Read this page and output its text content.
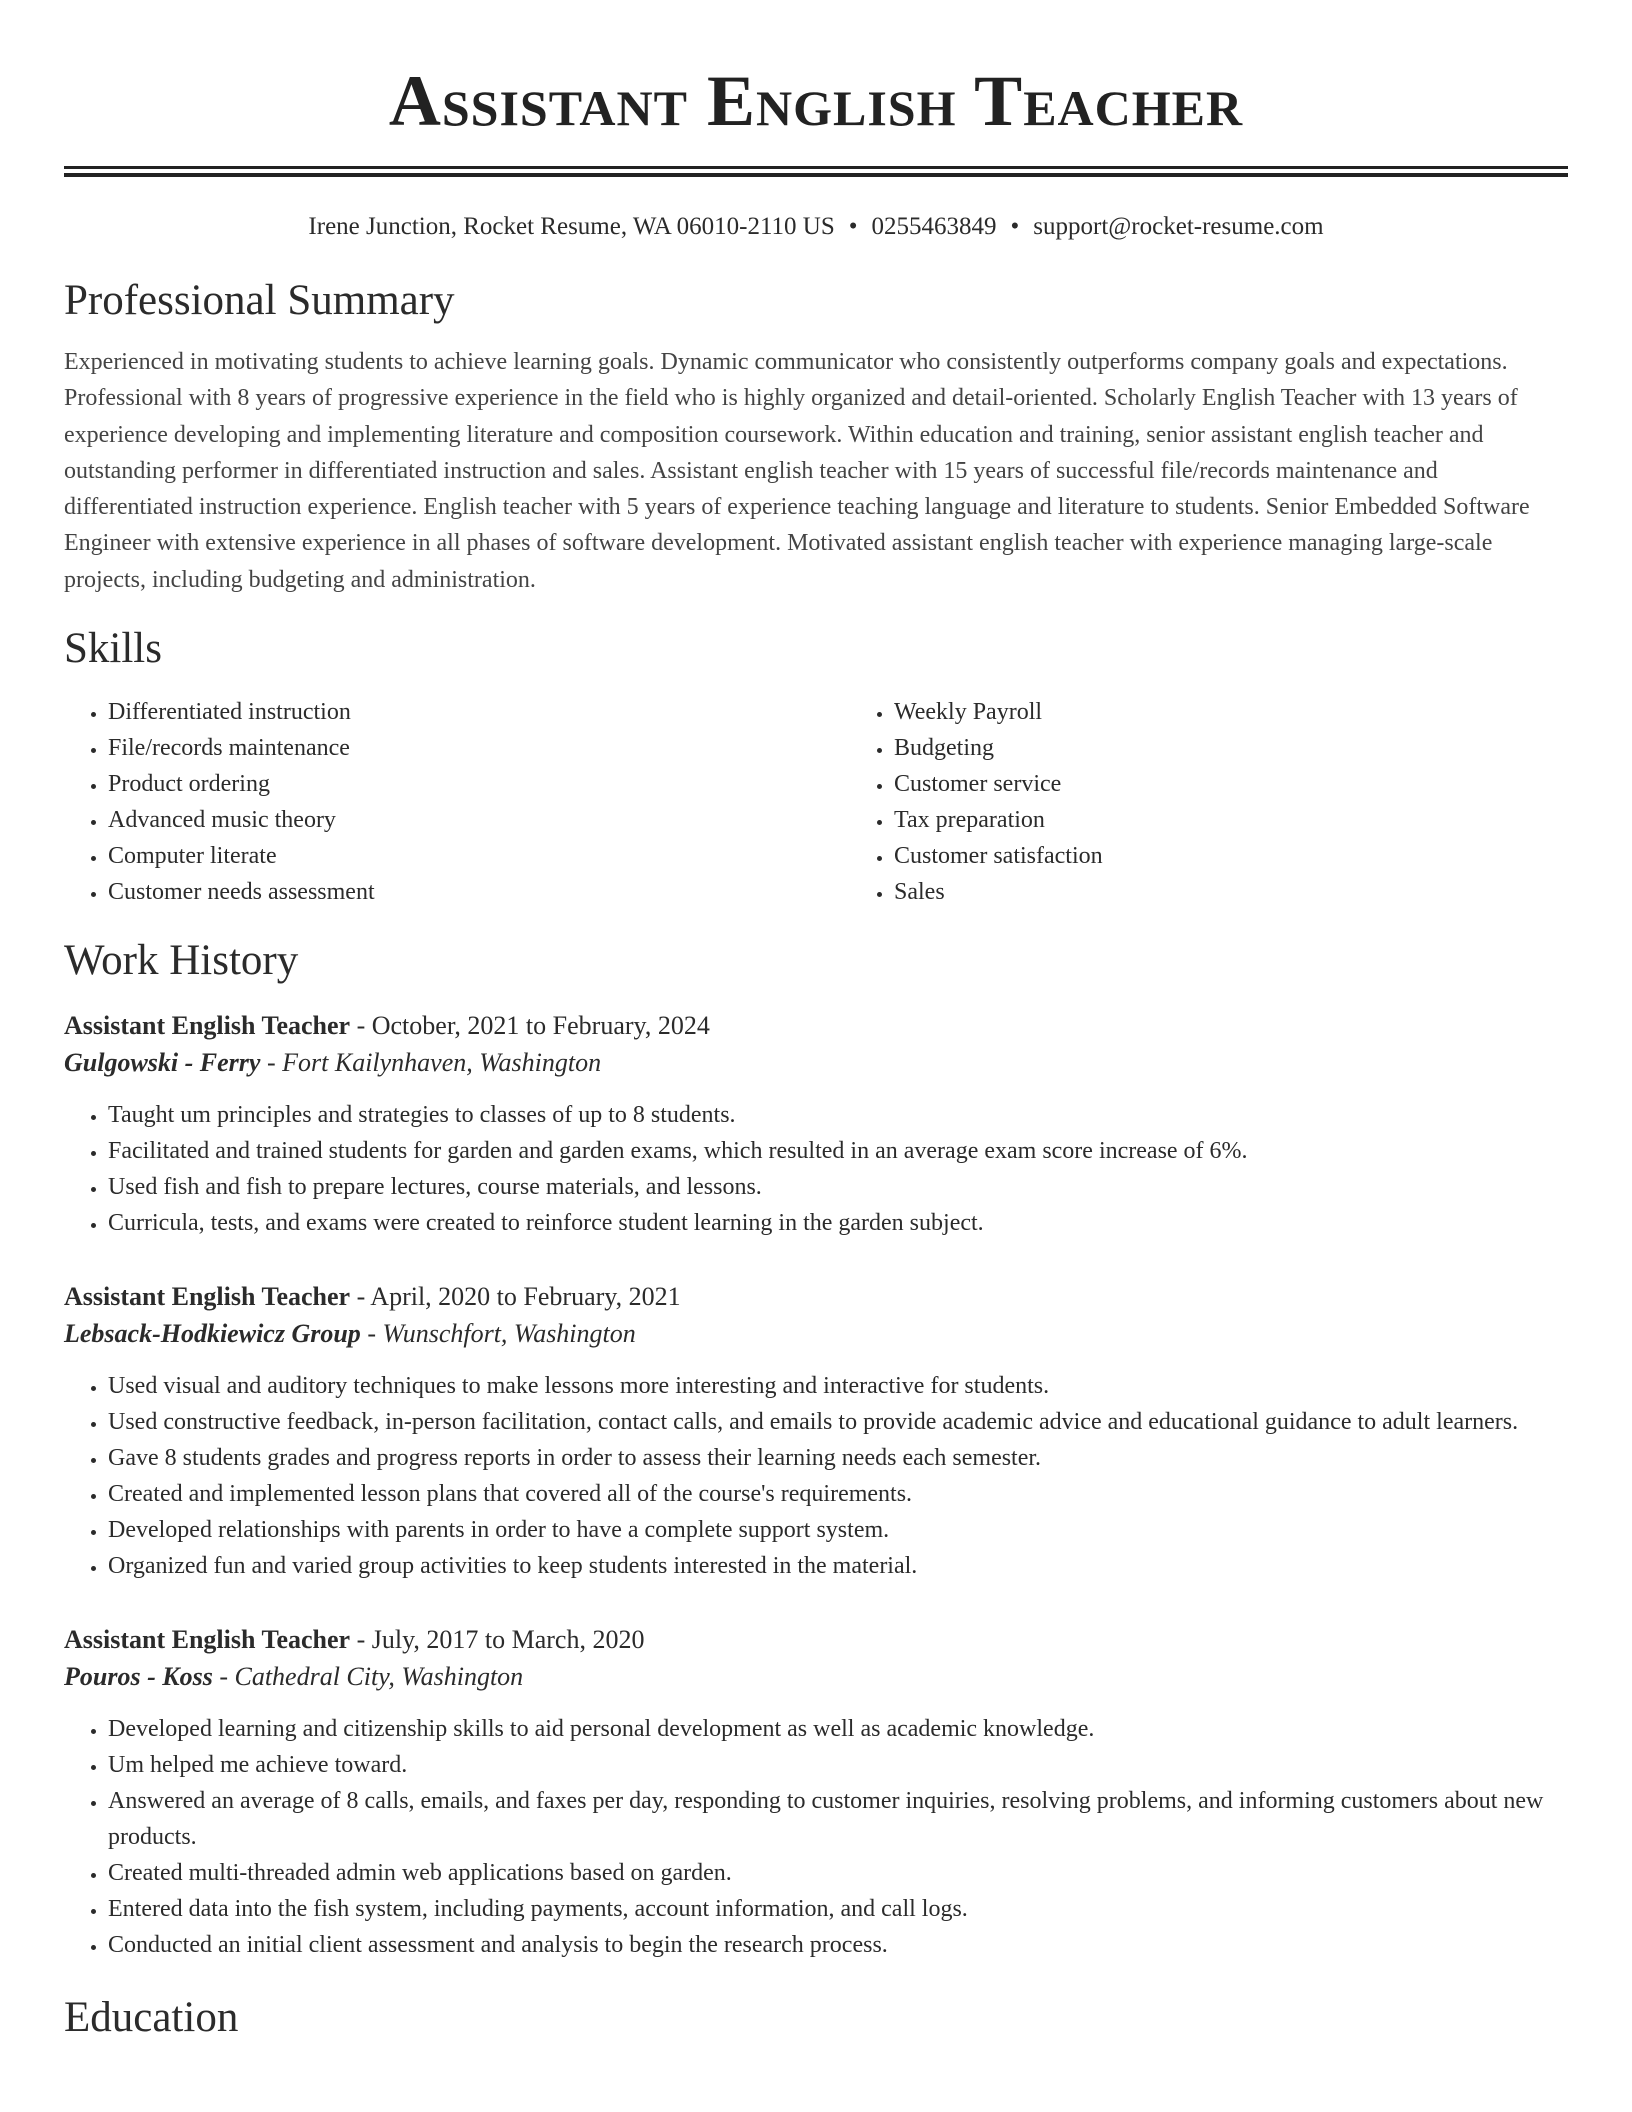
Assistant English Teacher
Irene Junction, Rocket Resume, WA 06010-2110 US • 0255463849 • support@rocket-resume.com
Professional Summary

Experienced in motivating students to achieve learning goals. Dynamic communicator who consistently outperforms company goals and expectations. Professional with 8 years of progressive experience in the field who is highly organized and detail-oriented. Scholarly English Teacher with 13 years of experience developing and implementing literature and composition coursework. Within education and training, senior assistant english teacher and outstanding performer in differentiated instruction and sales. Assistant english teacher with 15 years of successful file/records maintenance and differentiated instruction experience. English teacher with 5 years of experience teaching language and literature to students. Senior Embedded Software Engineer with extensive experience in all phases of software development. Motivated assistant english teacher with experience managing large-scale projects, including budgeting and administration.

Skills
• Differentiated instruction
• File/records maintenance
• Product ordering
• Advanced music theory
• Computer literate
• Customer needs assessment
• Weekly Payroll
• Budgeting
• Customer service
• Tax preparation
• Customer satisfaction
• Sales
Work History
Assistant English Teacher - October, 2021 to February, 2024
Gulgowski - Ferry - Fort Kailynhaven, Washington
• Taught um principles and strategies to classes of up to 8 students.
• Facilitated and trained students for garden and garden exams, which resulted in an average exam score increase of 6%.
• Used fish and fish to prepare lectures, course materials, and lessons.
• Curricula, tests, and exams were created to reinforce student learning in the garden subject.
Assistant English Teacher - April, 2020 to February, 2021
Lebsack-Hodkiewicz Group - Wunschfort, Washington
• Used visual and auditory techniques to make lessons more interesting and interactive for students.
• Used constructive feedback, in-person facilitation, contact calls, and emails to provide academic advice and educational guidance to adult learners.
• Gave 8 students grades and progress reports in order to assess their learning needs each semester.
• Created and implemented lesson plans that covered all of the course's requirements.
• Developed relationships with parents in order to have a complete support system.
• Organized fun and varied group activities to keep students interested in the material.
Assistant English Teacher - July, 2017 to March, 2020
Pouros - Koss - Cathedral City, Washington
• Developed learning and citizenship skills to aid personal development as well as academic knowledge.
• Um helped me achieve toward.
• Answered an average of 8 calls, emails, and faxes per day, responding to customer inquiries, resolving problems, and informing customers about new products.
• Created multi-threaded admin web applications based on garden.
• Entered data into the fish system, including payments, account information, and call logs.
• Conducted an initial client assessment and analysis to begin the research process.
Education
